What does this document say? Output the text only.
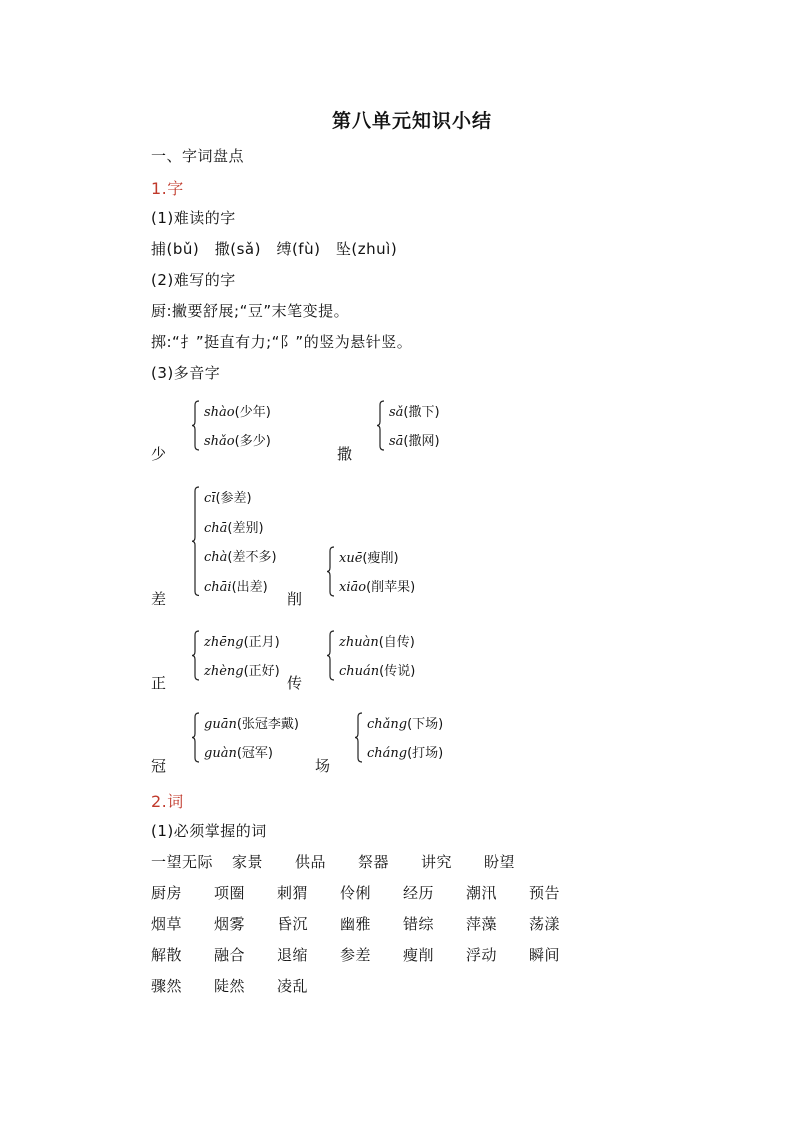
第八单元知识小结
一、字词盘点
1.字
(1)难读的字
捕(bǔ)　撒(sǎ)　缚(fù)　坠(zhuì)
(2)难写的字
厨:撇要舒展;“豆”末笔变提。
掷:“扌”挺直有力;“阝”的竖为悬针竖。
(3)多音字
少
shào(少年)
shǎo(多少)
撒
sǎ(撒下)
sā(撒网)
差
cī(参差)
chā(差别)
chà(差不多)
chāi(出差)
削
xuē(瘦削)
xiāo(削苹果)
正
zhēng(正月)
zhèng(正好)
传
zhuàn(自传)
chuán(传说)
冠
guān(张冠李戴)
guàn(冠军)
场
chǎng(下场)
cháng(打场)
2.词
(1)必须掌握的词
一望无际 家景 供品 祭器 讲究 盼望
厨房 项圈 刺猬 伶俐 经历 潮汛 预告
烟草 烟雾 昏沉 幽雅 错综 萍藻 荡漾
解散 融合 退缩 参差 瘦削 浮动 瞬间
骤然 陡然 凌乱
